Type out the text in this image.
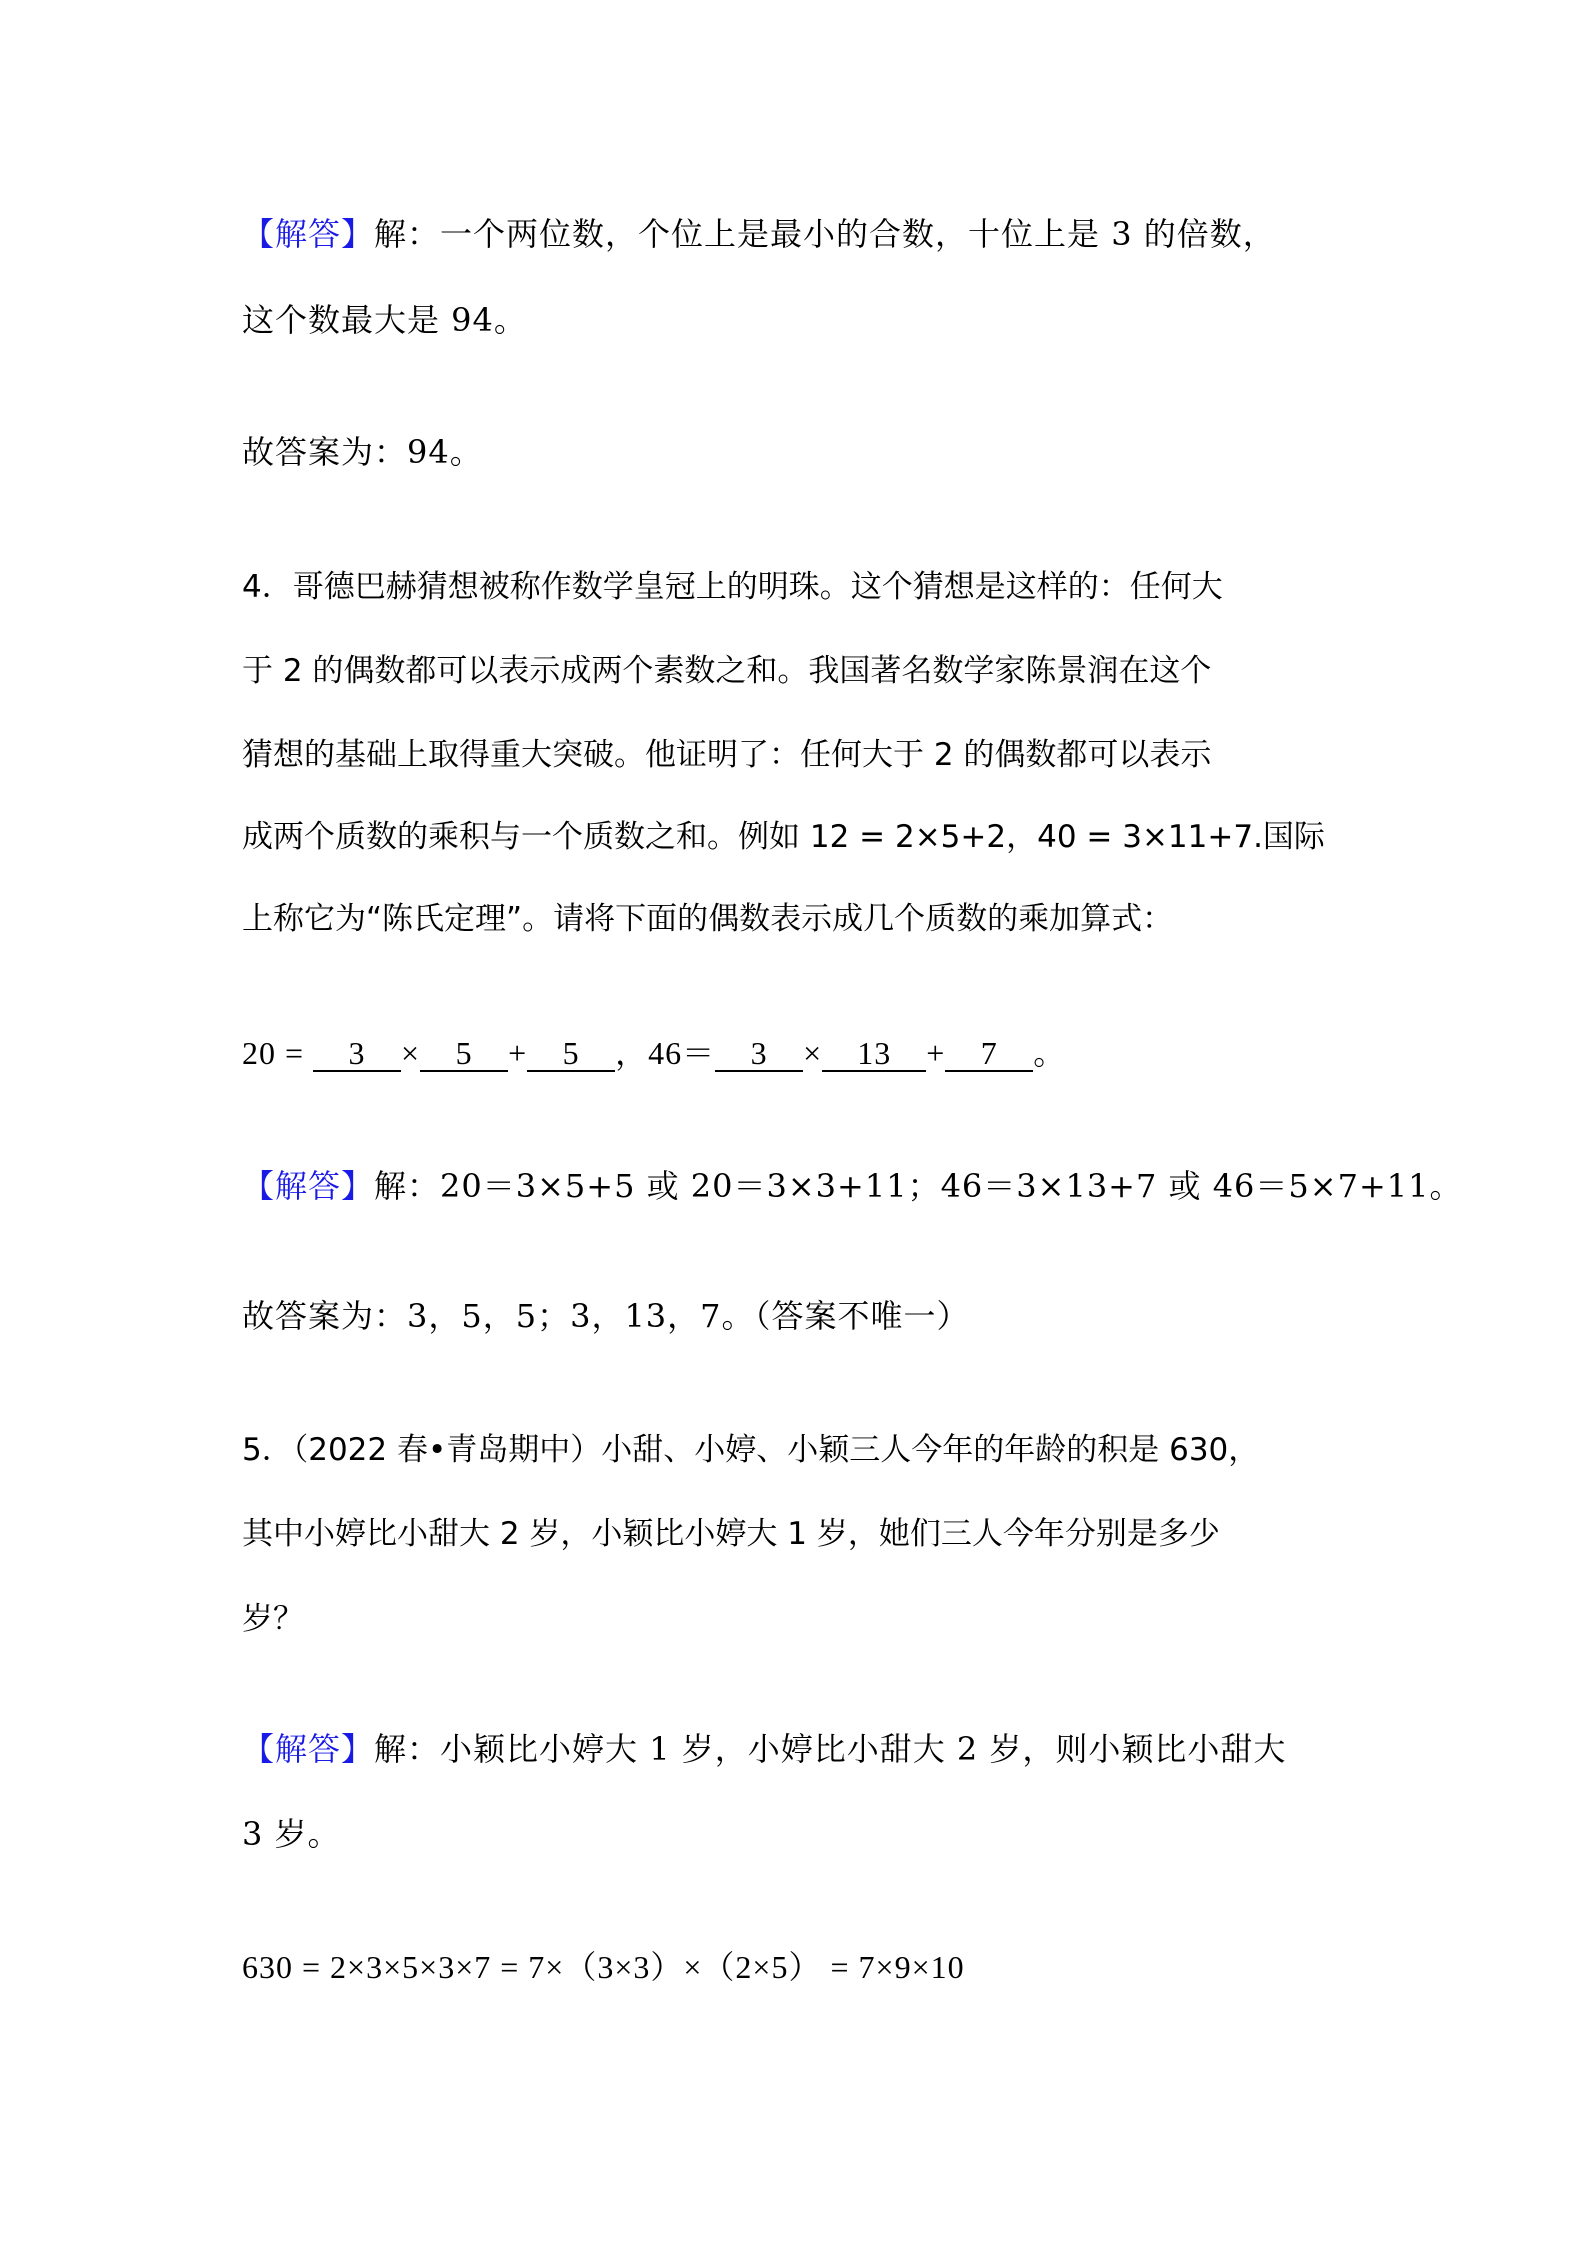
【解答】解：一个两位数，个位上是最小的合数，十位上是 3 的倍数，
这个数最大是 94。
故答案为：94。
4．哥德巴赫猜想被称作数学皇冠上的明珠。这个猜想是这样的：任何大
于 2 的偶数都可以表示成两个素数之和。我国著名数学家陈景润在这个
猜想的基础上取得重大突破。他证明了：任何大于 2 的偶数都可以表示
成两个质数的乘积与一个质数之和。例如 12 = 2×5+2，40 = 3×11+7.国际
上称它为“陈氏定理”。请将下面的偶数表示成几个质数的乘加算式：
20 = 3 × 5 + 5 ，46＝ 3 × 13 + 7 。
【解答】解：20＝3×5+5 或 20＝3×3+11；46＝3×13+7 或 46＝5×7+11。
故答案为：3，5，5；3，13，7。（答案不唯一）
5．（2022 春•青岛期中）小甜、小婷、小颖三人今年的年龄的积是 630，
其中小婷比小甜大 2 岁，小颖比小婷大 1 岁，她们三人今年分别是多少
岁？
【解答】解：小颖比小婷大 1 岁，小婷比小甜大 2 岁，则小颖比小甜大
3 岁。
630 = 2×3×5×3×7 = 7×（3×3）×（2×5） = 7×9×10
